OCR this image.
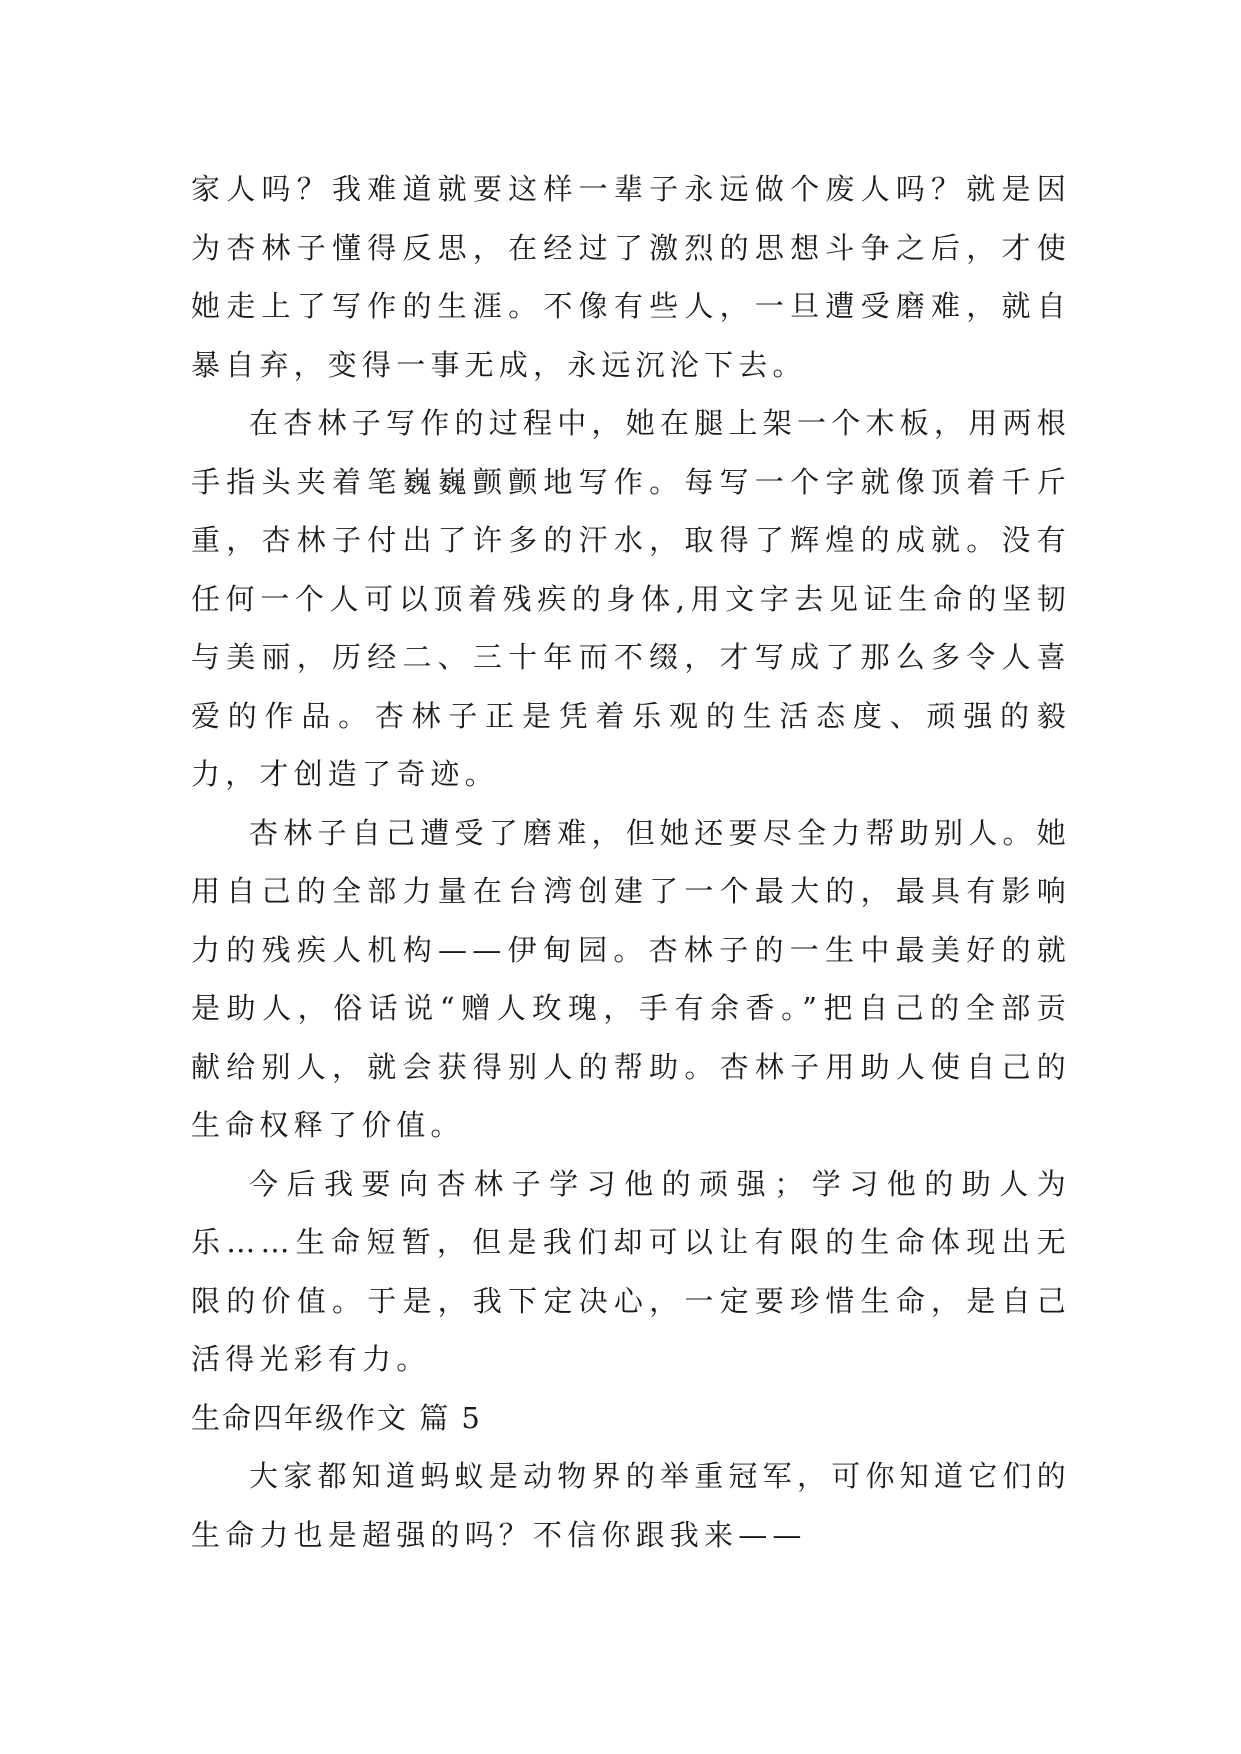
家人吗？我难道就要这样一辈子永远做个废人吗？就是因为杏林子懂得反思，在经过了激烈的思想斗争之后，才使她走上了写作的生涯。不像有些人，一旦遭受磨难，就自暴自弃，变得一事无成，永远沉沦下去。

在杏林子写作的过程中，她在腿上架一个木板，用两根手指头夹着笔巍巍颤颤地写作。每写一个字就像顶着千斤重，杏林子付出了许多的汗水，取得了辉煌的成就。没有任何一个人可以顶着残疾的身体,用文字去见证生命的坚韧与美丽，历经二、三十年而不缀，才写成了那么多令人喜爱的作品。杏林子正是凭着乐观的生活态度、顽强的毅力，才创造了奇迹。

杏林子自己遭受了磨难，但她还要尽全力帮助别人。她用自己的全部力量在台湾创建了一个最大的，最具有影响力的残疾人机构——伊甸园。杏林子的一生中最美好的就是助人，俗话说“赠人玫瑰，手有余香。”把自己的全部贡献给别人，就会获得别人的帮助。杏林子用助人使自己的生命权释了价值。

今后我要向杏林子学习他的顽强；学习他的助人为乐……生命短暂，但是我们却可以让有限的生命体现出无限的价值。于是，我下定决心，一定要珍惜生命，是自己活得光彩有力。

生命四年级作文 篇 5

大家都知道蚂蚁是动物界的举重冠军，可你知道它们的生命力也是超强的吗？不信你跟我来——
